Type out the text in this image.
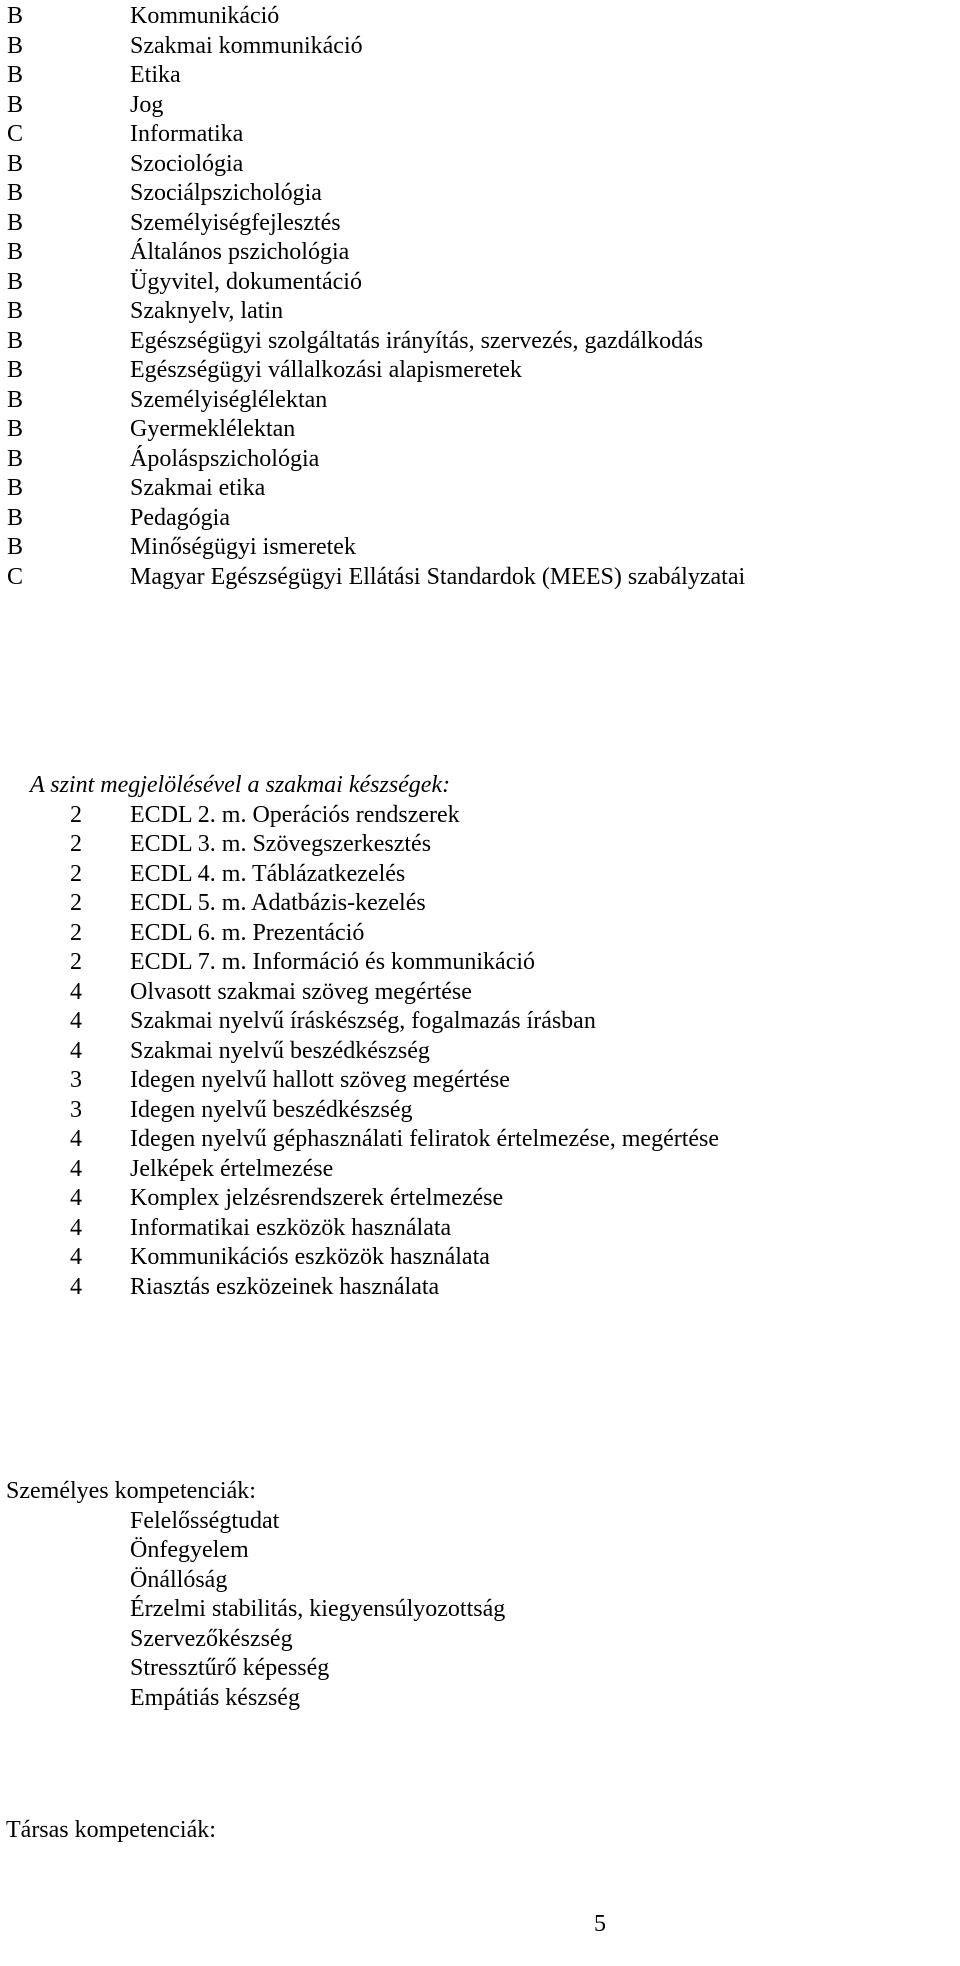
B	Kommunikáció
B	Szakmai kommunikáció
B	Etika
B	Jog
C	Informatika
B	Szociológia
B	Szociálpszichológia
B	Személyiségfejlesztés
B	Általános pszichológia
B	Ügyvitel, dokumentáció
B	Szaknyelv, latin
B	Egészségügyi szolgáltatás irányítás, szervezés, gazdálkodás
B	Egészségügyi vállalkozási alapismeretek
B	Személyiséglélektan
B	Gyermeklélektan
B	Ápoláspszichológia
B	Szakmai etika
B	Pedagógia
B	Minőségügyi ismeretek
C	Magyar Egészségügyi Ellátási Standardok (MEES) szabályzatai
A szint megjelölésével a szakmai készségek:
2 ECDL 2. m. Operációs rendszerek
2 ECDL 3. m. Szövegszerkesztés
2 ECDL 4. m. Táblázatkezelés
2 ECDL 5. m. Adatbázis-kezelés
2 ECDL 6. m. Prezentáció
2 ECDL 7. m. Információ és kommunikáció
4 Olvasott szakmai szöveg megértése
4 Szakmai nyelvű íráskészség, fogalmazás írásban
4 Szakmai nyelvű beszédkészség
3 Idegen nyelvű hallott szöveg megértése
3 Idegen nyelvű beszédkészség
4 Idegen nyelvű géphasználati feliratok értelmezése, megértése
4 Jelképek értelmezése
4 Komplex jelzésrendszerek értelmezése
4 Informatikai eszközök használata
4 Kommunikációs eszközök használata
4 Riasztás eszközeinek használata
Személyes kompetenciák:
Felelősségtudat
Önfegyelem
Önállóság
Érzelmi stabilitás, kiegyensúlyozottság
Szervezőkészség
Stressztűrő képesség
Empátiás készség
Társas kompetenciák:
5
